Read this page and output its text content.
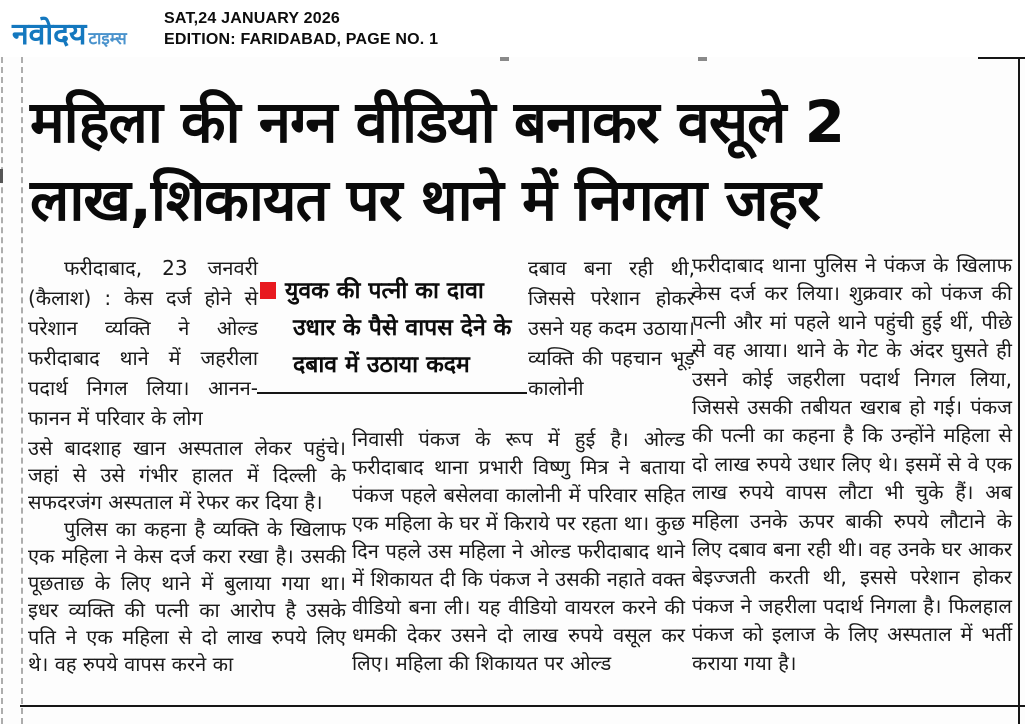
नवोदय टाइम्स
SAT,24 JANUARY 2026
EDITION: FARIDABAD, PAGE NO. 1
महिला की नग्न वीडियो बनाकर वसूले 2
लाख,शिकायत पर थाने में निगला जहर
युवक की पत्नी का दावा
उधार के पैसे वापस देने के
दबाव में उठाया कदम

फरीदाबाद, 23 जनवरी (कैलाश) : केस दर्ज होने से परेशान व्यक्ति ने ओल्ड फरीदाबाद थाने में जहरीला पदार्थ निगल लिया। आनन-फानन में परिवार के लोग

दबाव बना रही थी, जिससे परेशान होकर उसने यह कदम उठाया। व्यक्ति की पहचान भूड़ कालोनी

उसे बादशाह खान अस्पताल लेकर पहुंचे। जहां से उसे गंभीर हालत में दिल्ली के सफदरजंग अस्पताल में रेफर कर दिया है।

पुलिस का कहना है व्यक्ति के खिलाफ एक महिला ने केस दर्ज करा रखा है। उसकी पूछताछ के लिए थाने में बुलाया गया था। इधर व्यक्ति की पत्नी का आरोप है उसके पति ने एक महिला से दो लाख रुपये लिए थे। वह रुपये वापस करने का

निवासी पंकज के रूप में हुई है। ओल्ड फरीदाबाद थाना प्रभारी विष्णु मित्र ने बताया पंकज पहले बसेलवा कालोनी में परिवार सहित एक महिला के घर में किराये पर रहता था। कुछ दिन पहले उस महिला ने ओल्ड फरीदाबाद थाने में शिकायत दी कि पंकज ने उसकी नहाते वक्त वीडियो बना ली। यह वीडियो वायरल करने की धमकी देकर उसने दो लाख रुपये वसूल कर लिए। महिला की शिकायत पर ओल्ड

फरीदाबाद थाना पुलिस ने पंकज के खिलाफ केस दर्ज कर लिया। शुक्रवार को पंकज की पत्नी और मां पहले थाने पहुंची हुई थीं, पीछे से वह आया। थाने के गेट के अंदर घुसते ही उसने कोई जहरीला पदार्थ निगल लिया, जिससे उसकी तबीयत खराब हो गई। पंकज की पत्नी का कहना है कि उन्होंने महिला से दो लाख रुपये उधार लिए थे। इसमें से वे एक लाख रुपये वापस लौटा भी चुके हैं। अब महिला उनके ऊपर बाकी रुपये लौटाने के लिए दबाव बना रही थी। वह उनके घर आकर बेइज्जती करती थी, इससे परेशान होकर पंकज ने जहरीला पदार्थ निगला है। फिलहाल पंकज को इलाज के लिए अस्पताल में भर्ती कराया गया है।
